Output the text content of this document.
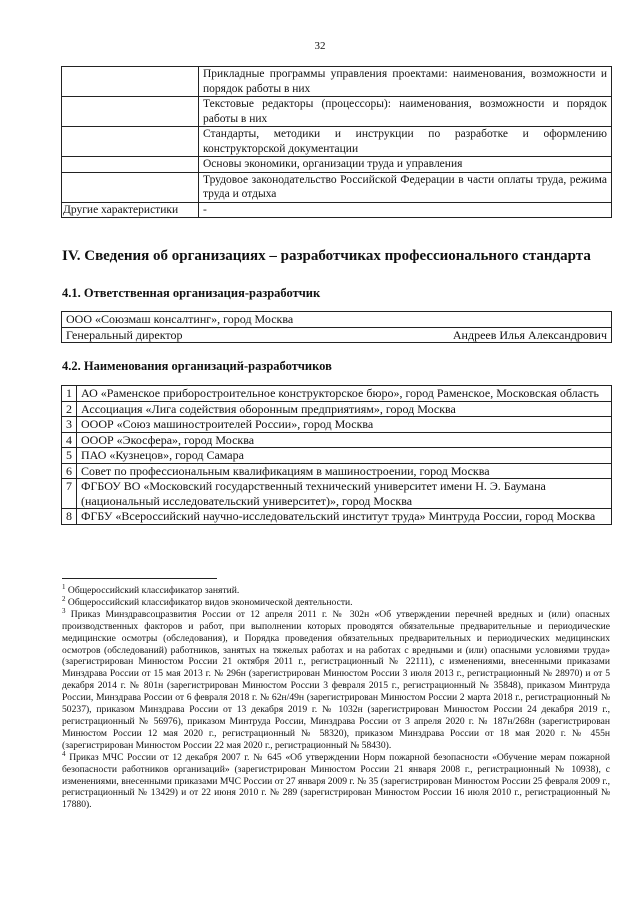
32
	Прикладные программы управления проектами: наименования, возможности и порядок работы в них
	Текстовые редакторы (процессоры): наименования, возможности и порядок работы в них
	Стандарты, методики и инструкции по разработке и оформлению конструкторской документации
	Основы экономики, организации труда и управления
	Трудовое законодательство Российской Федерации в части оплаты труда, режима труда и отдыха
Другие характеристики	-
IV. Сведения об организациях – разработчиках профессионального стандарта
4.1. Ответственная организация-разработчик
ООО «Союзмаш консалтинг», город Москва
Генеральный директор	Андреев Илья Александрович
4.2. Наименования организаций-разработчиков
1	АО «Раменское приборостроительное конструкторское бюро», город Раменское, Московская область
2	Ассоциация «Лига содействия оборонным предприятиям», город Москва
3	ОООР «Союз машиностроителей России», город Москва
4	ОООР «Экосфера», город Москва
5	ПАО «Кузнецов», город Самара
6	Совет по профессиональным квалификациям в машиностроении, город Москва
7	ФГБОУ ВО «Московский государственный технический университет имени Н. Э. Баумана (национальный исследовательский университет)», город Москва
8	ФГБУ «Всероссийский научно-исследовательский институт труда» Минтруда России, город Москва

$^1$ Общероссийский классификатор занятий.

$^2$ Общероссийский классификатор видов экономической деятельности.

$^3$ Приказ Минздравсоцразвития России от 12 апреля 2011 г. № 302н «Об утверждении перечней вредных и (или) опасных производственных факторов и работ, при выполнении которых проводятся обязательные предварительные и периодические медицинские осмотры (обследования), и Порядка проведения обязательных предварительных и периодических медицинских осмотров (обследований) работников, занятых на тяжелых работах и на работах с вредными и (или) опасными условиями труда» (зарегистрирован Минюстом России 21 октября 2011 г., регистрационный № 22111), с изменениями, внесенными приказами Минздрава России от 15 мая 2013 г. № 296н (зарегистрирован Минюстом России 3 июля 2013 г., регистрационный № 28970) и от 5 декабря 2014 г. № 801н (зарегистрирован Минюстом России 3 февраля 2015 г., регистрационный № 35848), приказом Минтруда России, Минздрава России от 6 февраля 2018 г. № 62н/49н (зарегистрирован Минюстом России 2 марта 2018 г., регистрационный № 50237), приказом Минздрава России от 13 декабря 2019 г. № 1032н (зарегистрирован Минюстом России 24 декабря 2019 г., регистрационный № 56976), приказом Минтруда России, Минздрава России от 3 апреля 2020 г. № 187н/268н (зарегистрирован Минюстом России 12 мая 2020 г., регистрационный № 58320), приказом Минздрава России от 18 мая 2020 г. № 455н (зарегистрирован Минюстом России 22 мая 2020 г., регистрационный № 58430).

$^4$ Приказ МЧС России от 12 декабря 2007 г. № 645 «Об утверждении Норм пожарной безопасности «Обучение мерам пожарной безопасности работников организаций» (зарегистрирован Минюстом России 21 января 2008 г., регистрационный № 10938), с изменениями, внесенными приказами МЧС России от 27 января 2009 г. № 35 (зарегистрирован Минюстом России 25 февраля 2009 г., регистрационный № 13429) и от 22 июня 2010 г. № 289 (зарегистрирован Минюстом России 16 июля 2010 г., регистрационный № 17880).
